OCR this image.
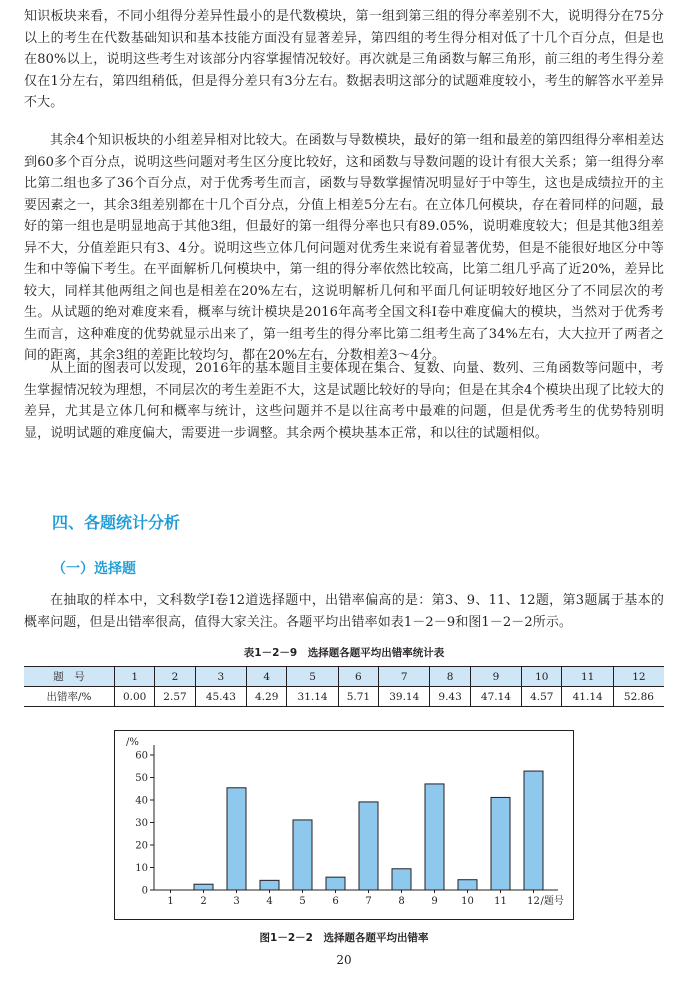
知识板块来看，不同小组得分差异性最小的是代数模块，第一组到第三组的得分率差别不大，说明得分在75分以上的考生在代数基础知识和基本技能方面没有显著差异，第四组的考生得分相对低了十几个百分点，但是也在80%以上，说明这些考生对该部分内容掌握情况较好。再次就是三角函数与解三角形，前三组的考生得分差仅在1分左右，第四组稍低，但是得分差只有3分左右。数据表明这部分的试题难度较小，考生的解答水平差异不大。

其余4个知识板块的小组差异相对比较大。在函数与导数模块，最好的第一组和最差的第四组得分率相差达到60多个百分点，说明这些问题对考生区分度比较好，这和函数与导数问题的设计有很大关系；第一组得分率比第二组也多了36个百分点，对于优秀考生而言，函数与导数掌握情况明显好于中等生，这也是成绩拉开的主要因素之一，其余3组差别都在十几个百分点，分值上相差5分左右。在立体几何模块，存在着同样的问题，最好的第一组也是明显地高于其他3组，但最好的第一组得分率也只有89.05%，说明难度较大；但是其他3组差异不大，分值差距只有3、4分。说明这些立体几何问题对优秀生来说有着显著优势，但是不能很好地区分中等生和中等偏下考生。在平面解析几何模块中，第一组的得分率依然比较高，比第二组几乎高了近20%，差异比较大，同样其他两组之间也是相差在20%左右，这说明解析几何和平面几何证明较好地区分了不同层次的考生。从试题的绝对难度来看，概率与统计模块是2016年高考全国文科Ⅰ卷中难度偏大的模块，当然对于优秀考生而言，这种难度的优势就显示出来了，第一组考生的得分率比第二组考生高了34%左右，大大拉开了两者之间的距离，其余3组的差距比较均匀，都在20%左右，分数相差3～4分。

从上面的图表可以发现，2016年的基本题目主要体现在集合、复数、向量、数列、三角函数等问题中，考生掌握情况较为理想，不同层次的考生差距不大，这是试题比较好的导向；但是在其余4个模块出现了比较大的差异，尤其是立体几何和概率与统计，这些问题并不是以往高考中最难的问题，但是优秀考生的优势特别明显，说明试题的难度偏大，需要进一步调整。其余两个模块基本正常，和以往的试题相似。

四、各题统计分析
（一）选择题

在抽取的样本中，文科数学Ⅰ卷12道选择题中，出错率偏高的是：第3、9、11、12题，第3题属于基本的概率问题，但是出错率很高，值得大家关注。各题平均出错率如表1－2－9和图1－2－2所示。

表1－2－9　选择题各题平均出错率统计表
题　号	1	2	3	4	5	6	7	8	9	10	11	12
出错率/%	0.00	2.57	45.43	4.29	31.14	5.71	39.14	9.43	47.14	4.57	41.14	52.86
0
10
20
30
40
50
60
/%
1	2	3	4	5	6	7	8	9 10 11 12 /题号
图1－2－2　选择题各题平均出错率
20
